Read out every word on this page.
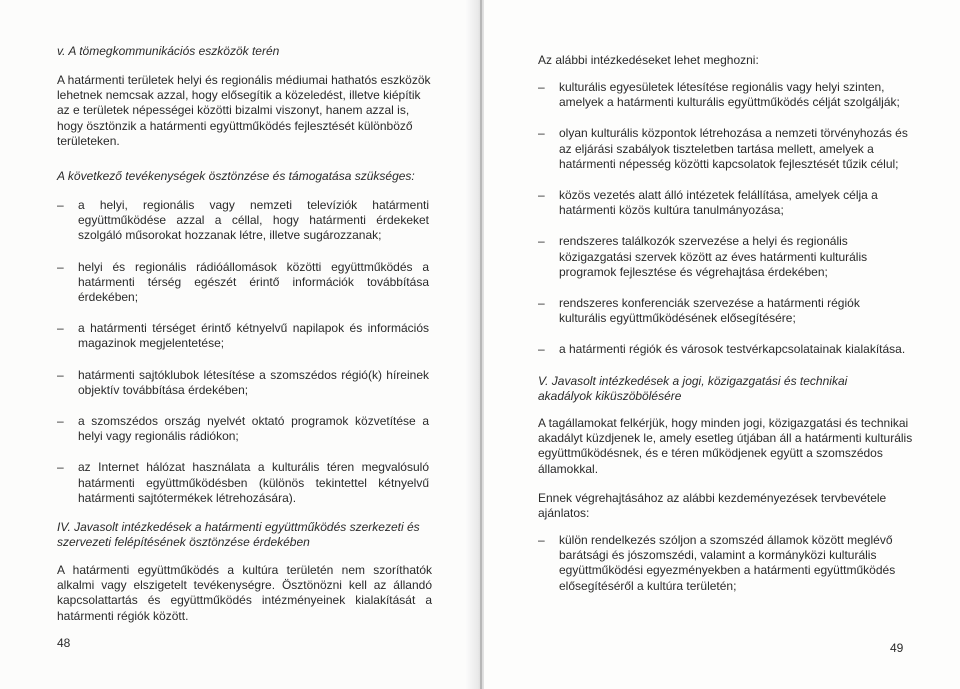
v. A tömegkommunikációs eszközök terén

A határmenti területek helyi és regionális médiumai hathatós eszközök lehetnek nemcsak azzal, hogy elősegítik a közeledést, illetve kiépítik az e területek népességei közötti bizalmi viszonyt, hanem azzal is, hogy ösztönzik a határmenti együttműködés fejlesztését különböző területeken.

A következő tevékenységek ösztönzése és támogatása szükséges:

– a helyi, regionális vagy nemzeti televíziók határmenti együttműködése azzal a céllal, hogy határmenti érdekeket szolgáló műsorokat hozzanak létre, illetve sugározzanak;
– helyi és regionális rádióállomások közötti együttműködés a határmenti térség egészét érintő információk továbbítása érdekében;
– a határmenti térséget érintő kétnyelvű napilapok és információs magazinok megjelentetése;
– határmenti sajtóklubok létesítése a szomszédos régió(k) híreinek objektív továbbítása érdekében;
– a szomszédos ország nyelvét oktató programok közvetítése a helyi vagy regionális rádiókon;
– az Internet hálózat használata a kulturális téren megvalósuló határmenti együttműködésben (különös tekintettel kétnyelvű határmenti sajtótermékek létrehozására).

IV. Javasolt intézkedések a határmenti együttműködés szerkezeti és szervezeti felépítésének ösztönzése érdekében

A határmenti együttműködés a kultúra területén nem szoríthatók alkalmi vagy elszigetelt tevékenységre. Ösztönözni kell az állandó kapcsolattartás és együttműködés intézményeinek kialakítását a határmenti régiók között.

48

Az alábbi intézkedéseket lehet meghozni:

– kulturális egyesületek létesítése regionális vagy helyi szinten, amelyek a határmenti kulturális együttműködés célját szolgálják;
– olyan kulturális központok létrehozása a nemzeti törvényhozás és az eljárási szabályok tiszteletben tartása mellett, amelyek a határmenti népesség közötti kapcsolatok fejlesztését tűzik célul;
– közös vezetés alatt álló intézetek felállítása, amelyek célja a határmenti közös kultúra tanulmányozása;
– rendszeres találkozók szervezése a helyi és regionális közigazgatási szervek között az éves határmenti kulturális programok fejlesztése és végrehajtása érdekében;
– rendszeres konferenciák szervezése a határmenti régiók kulturális együttműködésének elősegítésére;
– a határmenti régiók és városok testvérkapcsolatainak kialakítása.

V. Javasolt intézkedések a jogi, közigazgatási és technikai akadályok kiküszöbölésére

A tagállamokat felkérjük, hogy minden jogi, közigazgatási és technikai akadályt küzdjenek le, amely esetleg útjában áll a határmenti kulturális együttműködésnek, és e téren működjenek együtt a szomszédos államokkal.

Ennek végrehajtásához az alábbi kezdeményezések tervbevétele ajánlatos:

– külön rendelkezés szóljon a szomszéd államok között meglévő barátsági és jószomszédi, valamint a kormányközi kulturális együttműködési egyezményekben a határmenti együttműködés elősegítéséről a kultúra területén;
49
